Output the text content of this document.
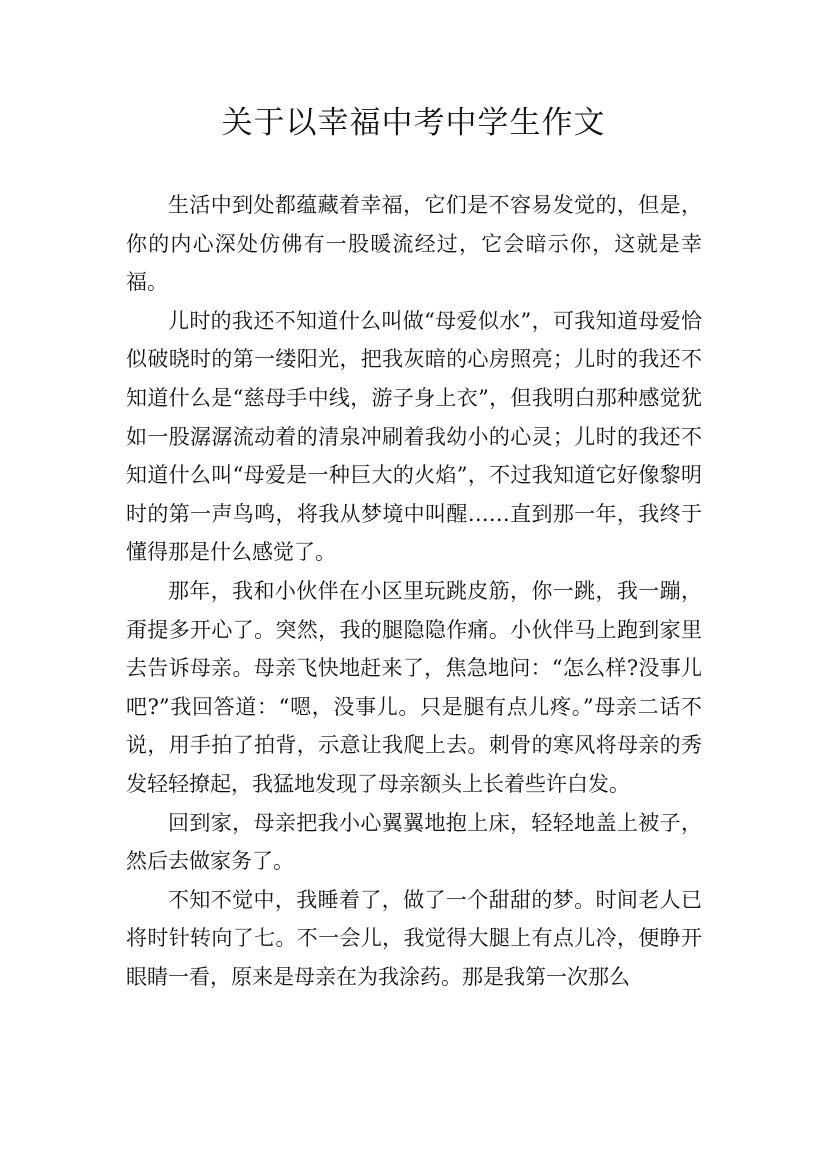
关于以幸福中考中学生作文

生活中到处都蕴藏着幸福，它们是不容易发觉的，但是，你的内心深处仿佛有一股暖流经过，它会暗示你，这就是幸福。

儿时的我还不知道什么叫做“母爱似水”，可我知道母爱恰似破晓时的第一缕阳光，把我灰暗的心房照亮；儿时的我还不知道什么是“慈母手中线，游子身上衣”，但我明白那种感觉犹如一股潺潺流动着的清泉冲刷着我幼小的心灵；儿时的我还不知道什么叫“母爱是一种巨大的火焰”，不过我知道它好像黎明时的第一声鸟鸣，将我从梦境中叫醒……直到那一年，我终于懂得那是什么感觉了。

那年，我和小伙伴在小区里玩跳皮筋，你一跳，我一蹦，甭提多开心了。突然，我的腿隐隐作痛。小伙伴马上跑到家里去告诉母亲。母亲飞快地赶来了，焦急地问：“怎么样?没事儿吧?”我回答道：“嗯，没事儿。只是腿有点儿疼。”母亲二话不说，用手拍了拍背，示意让我爬上去。刺骨的寒风将母亲的秀发轻轻撩起，我猛地发现了母亲额头上长着些许白发。

回到家，母亲把我小心翼翼地抱上床，轻轻地盖上被子，然后去做家务了。

不知不觉中，我睡着了，做了一个甜甜的梦。时间老人已将时针转向了七。不一会儿，我觉得大腿上有点儿冷，便睁开眼睛一看，原来是母亲在为我涂药。那是我第一次那么
